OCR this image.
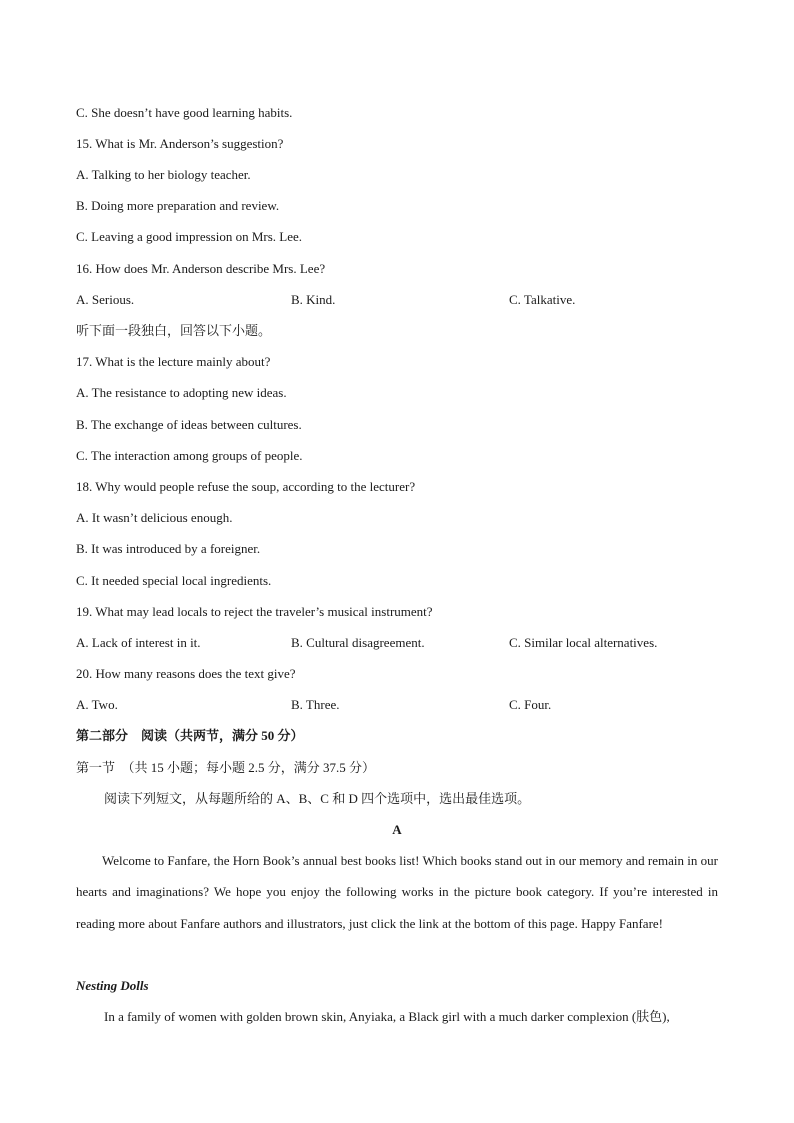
C. She doesn’t have good learning habits.
15. What is Mr. Anderson’s suggestion?
A. Talking to her biology teacher.
B. Doing more preparation and review.
C. Leaving a good impression on Mrs. Lee.
16. How does Mr. Anderson describe Mrs. Lee?
A. Serious.	B. Kind.	C. Talkative.
听下面一段独白，回答以下小题。
17. What is the lecture mainly about?
A. The resistance to adopting new ideas.
B. The exchange of ideas between cultures.
C. The interaction among groups of people.
18. Why would people refuse the soup, according to the lecturer?
A. It wasn’t delicious enough.
B. It was introduced by a foreigner.
C. It needed special local ingredients.
19. What may lead locals to reject the traveler’s musical instrument?
A. Lack of interest in it.	B. Cultural disagreement.	C. Similar local alternatives.
20. How many reasons does the text give?
A. Two.	B. Three.	C. Four.
第二部分　阅读（共两节，满分 50 分）
第一节　（共 15 小题；每小题 2.5 分，满分 37.5 分）
阅读下列短文，从每题所给的 A、B、C 和 D 四个选项中，选出最佳选项。
A
Welcome to Fanfare, the Horn Book’s annual best books list! Which books stand out in our memory and remain in our hearts and imaginations? We hope you enjoy the following works in the picture book category. If you’re interested in reading more about Fanfare authors and illustrators, just click the link at the bottom of this page. Happy Fanfare!
Nesting Dolls
In a family of women with golden brown skin, Anyiaka, a Black girl with a much darker complexion (肤色),
